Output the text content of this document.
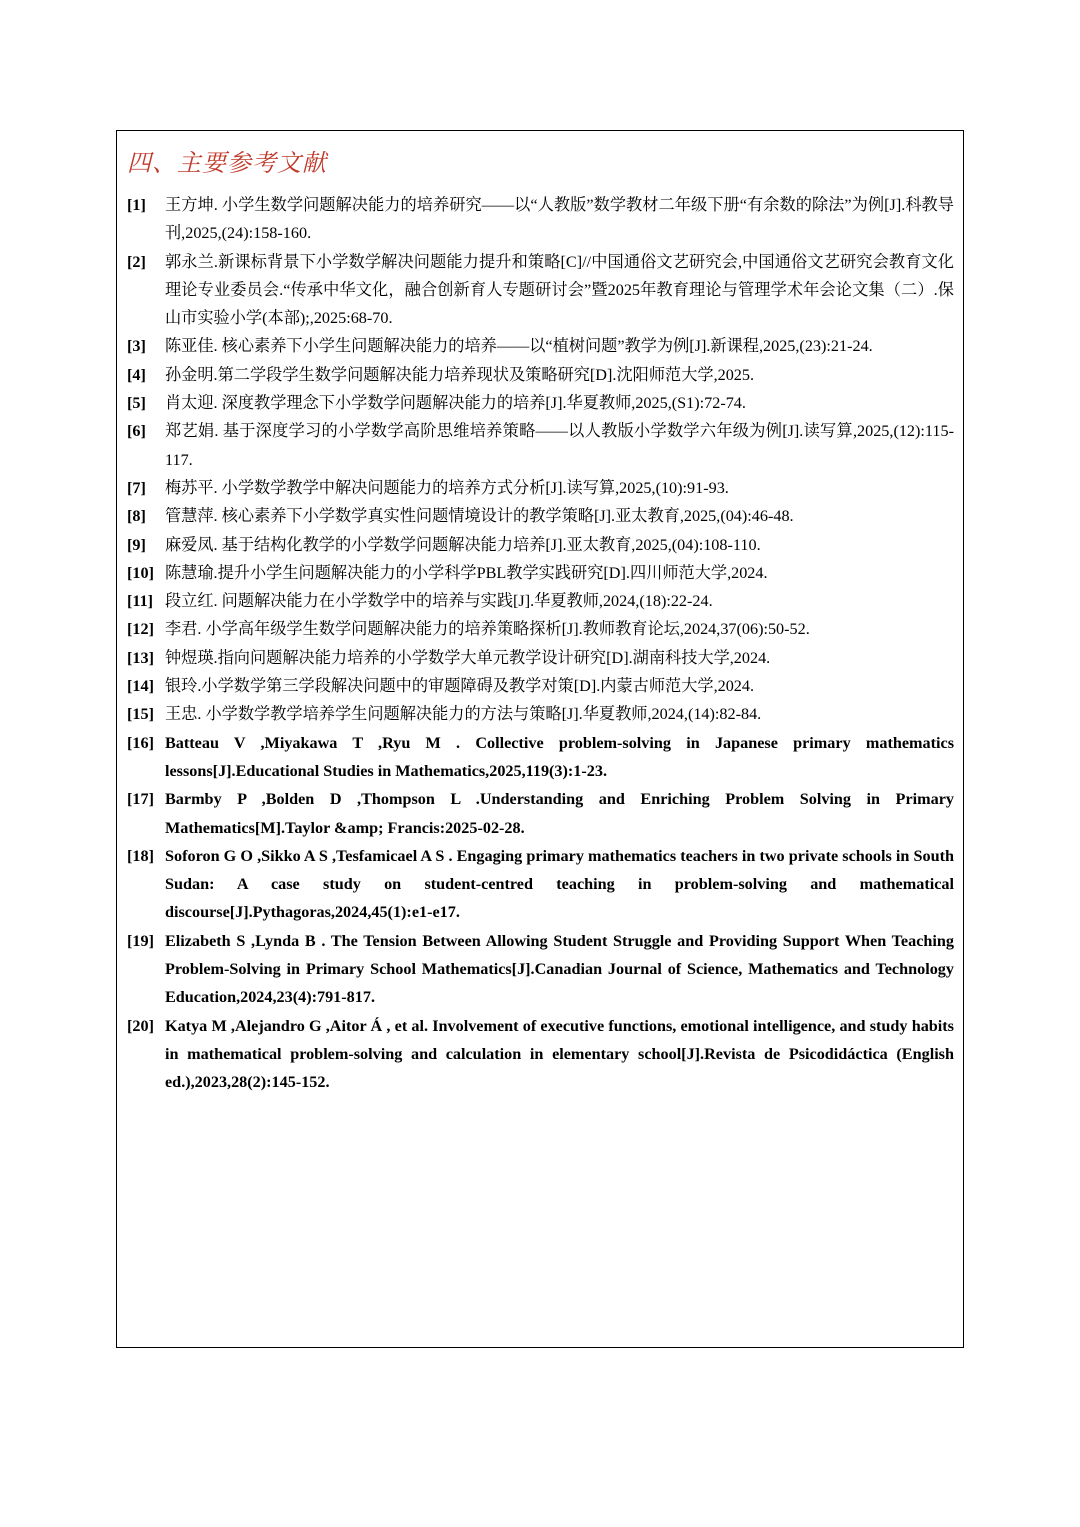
四、主要参考文献
[1] 王方坤. 小学生数学问题解决能力的培养研究——以“人教版”数学教材二年级下册“有余数的除法”为例[J].科教导刊,2025,(24):158-160.
[2] 郭永兰.新课标背景下小学数学解决问题能力提升和策略[C]//中国通俗文艺研究会,中国通俗文艺研究会教育文化理论专业委员会.“传承中华文化，融合创新育人专题研讨会”暨2025年教育理论与管理学术年会论文集（二）.保山市实验小学(本部);,2025:68-70.
[3] 陈亚佳. 核心素养下小学生问题解决能力的培养——以“植树问题”教学为例[J].新课程,2025,(23):21-24.
[4] 孙金明.第二学段学生数学问题解决能力培养现状及策略研究[D].沈阳师范大学,2025.
[5] 肖太迎. 深度教学理念下小学数学问题解决能力的培养[J].华夏教师,2025,(S1):72-74.
[6] 郑艺娟. 基于深度学习的小学数学高阶思维培养策略——以人教版小学数学六年级为例[J].读写算,2025,(12):115-117.
[7] 梅苏平. 小学数学教学中解决问题能力的培养方式分析[J].读写算,2025,(10):91-93.
[8] 管慧萍. 核心素养下小学数学真实性问题情境设计的教学策略[J].亚太教育,2025,(04):46-48.
[9] 麻爱凤. 基于结构化教学的小学数学问题解决能力培养[J].亚太教育,2025,(04):108-110.
[10] 陈慧瑜.提升小学生问题解决能力的小学科学PBL教学实践研究[D].四川师范大学,2024.
[11] 段立红. 问题解决能力在小学数学中的培养与实践[J].华夏教师,2024,(18):22-24.
[12] 李君. 小学高年级学生数学问题解决能力的培养策略探析[J].教师教育论坛,2024,37(06):50-52.
[13] 钟煜瑛.指向问题解决能力培养的小学数学大单元教学设计研究[D].湖南科技大学,2024.
[14] 银玲.小学数学第三学段解决问题中的审题障碍及教学对策[D].内蒙古师范大学,2024.
[15] 王忠. 小学数学教学培养学生问题解决能力的方法与策略[J].华夏教师,2024,(14):82-84.
[16] Batteau V ,Miyakawa T ,Ryu M . Collective problem-solving in Japanese primary mathematics lessons[J].Educational Studies in Mathematics,2025,119(3):1-23.
[17] Barmby P ,Bolden D ,Thompson L .Understanding and Enriching Problem Solving in Primary Mathematics[M].Taylor &amp; Francis:2025-02-28.
[18] Soforon G O ,Sikko A S ,Tesfamicael A S . Engaging primary mathematics teachers in two private schools in South Sudan: A case study on student-centred teaching in problem-solving and mathematical discourse[J].Pythagoras,2024,45(1):e1-e17.
[19] Elizabeth S ,Lynda B . The Tension Between Allowing Student Struggle and Providing Support When Teaching Problem-Solving in Primary School Mathematics[J].Canadian Journal of Science, Mathematics and Technology Education,2024,23(4):791-817.
[20] Katya M ,Alejandro G ,Aitor Á , et al. Involvement of executive functions, emotional intelligence, and study habits in mathematical problem-solving and calculation in elementary school[J].Revista de Psicodidáctica (English ed.),2023,28(2):145-152.
